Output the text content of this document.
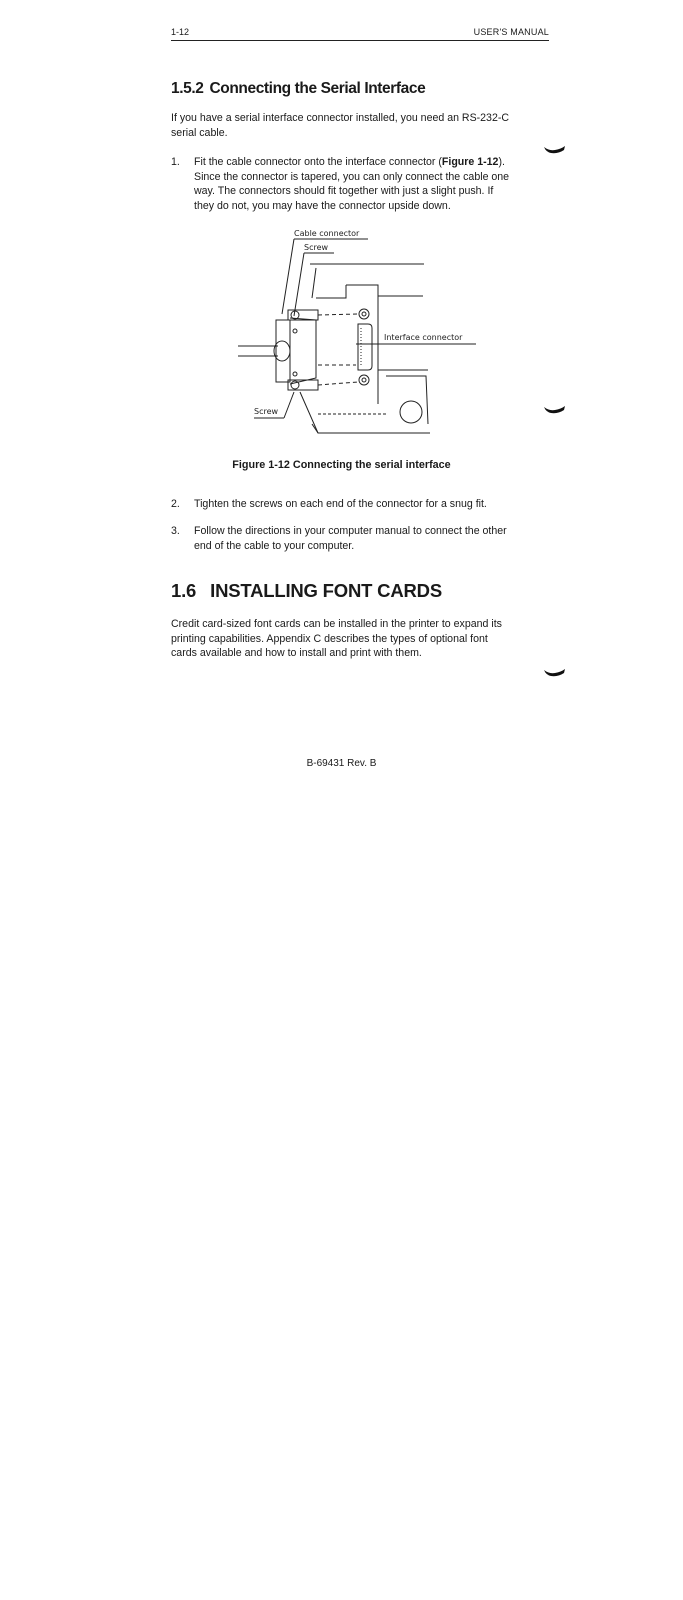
1-12	USER'S MANUAL
1.5.2 Connecting the Serial Interface
If you have a serial interface connector installed, you need an RS-232-C
serial cable.
1. Fit the cable connector onto the interface connector (Figure 1-12).
Since the connector is tapered, you can only connect the cable one
way. The connectors should fit together with just a slight push. If
they do not, you may have the connector upside down.
Cable connector
Screw
Interface connector
Screw
Figure 1-12 Connecting the serial interface
2. Tighten the screws on each end of the connector for a snug fit.
3. Follow the directions in your computer manual to connect the other
end of the cable to your computer.
1.6 INSTALLING FONT CARDS
Credit card-sized font cards can be installed in the printer to expand its
printing capabilities. Appendix C describes the types of optional font
cards available and how to install and print with them.
B-69431 Rev. B
